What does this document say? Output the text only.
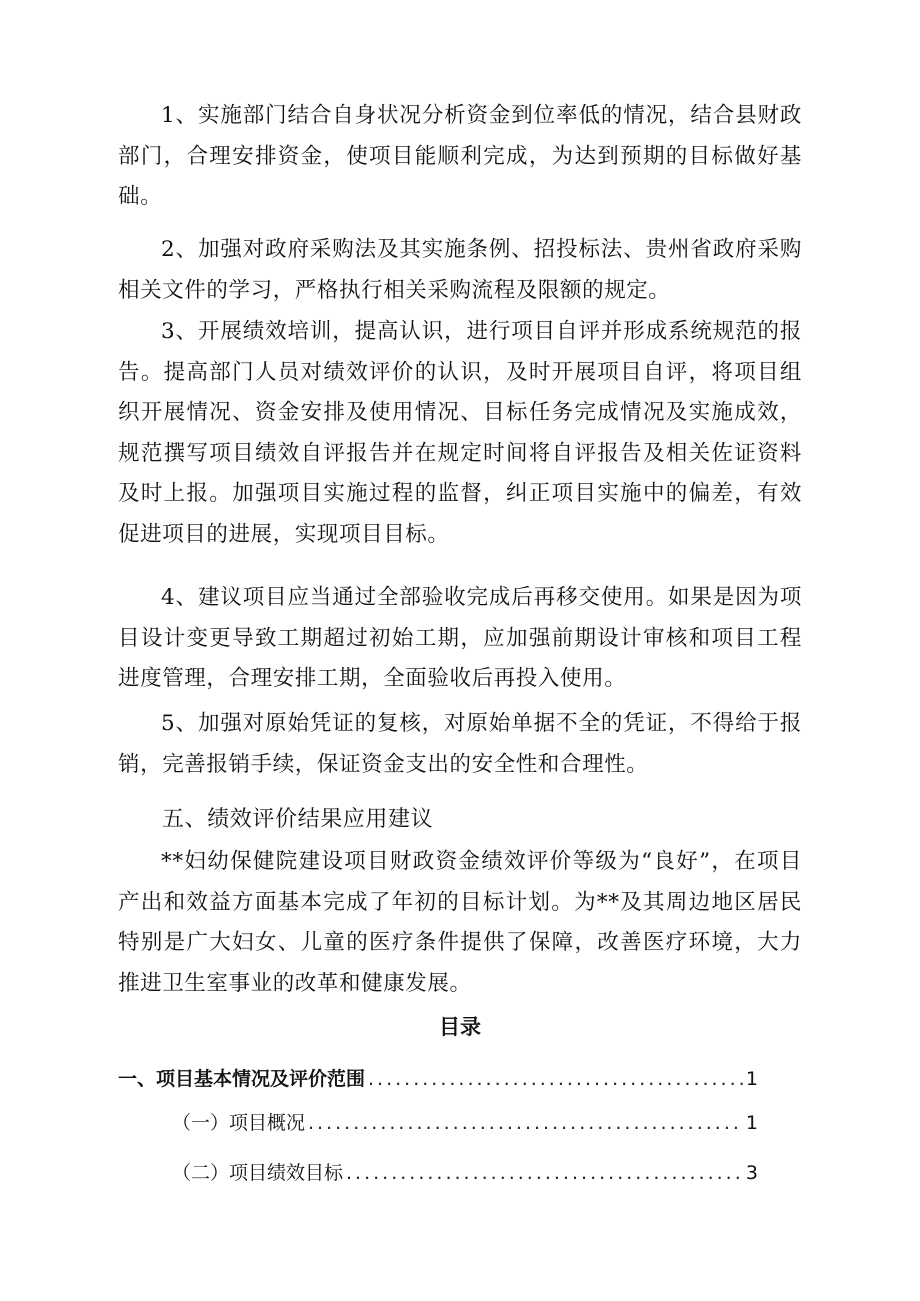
1、实施部门结合自身状况分析资金到位率低的情况，结合县财政部门，合理安排资金，使项目能顺利完成，为达到预期的目标做好基础。

2、加强对政府采购法及其实施条例、招投标法、贵州省政府采购相关文件的学习，严格执行相关采购流程及限额的规定。

3、开展绩效培训，提高认识，进行项目自评并形成系统规范的报告。提高部门人员对绩效评价的认识，及时开展项目自评，将项目组织开展情况、资金安排及使用情况、目标任务完成情况及实施成效，规范撰写项目绩效自评报告并在规定时间将自评报告及相关佐证资料及时上报。加强项目实施过程的监督，纠正项目实施中的偏差，有效促进项目的进展，实现项目目标。

4、建议项目应当通过全部验收完成后再移交使用。如果是因为项目设计变更导致工期超过初始工期，应加强前期设计审核和项目工程进度管理，合理安排工期，全面验收后再投入使用。

5、加强对原始凭证的复核，对原始单据不全的凭证，不得给于报销，完善报销手续，保证资金支出的安全性和合理性。

五、绩效评价结果应用建议

**妇幼保健院建设项目财政资金绩效评价等级为“良好”，在项目产出和效益方面基本完成了年初的目标计划。为**及其周边地区居民特别是广大妇女、儿童的医疗条件提供了保障，改善医疗环境，大力推进卫生室事业的改革和健康发展。

目录
一、项目基本情况及评价范围 .....	1
（一）项目概况 .....	1
（二）项目绩效目标 .....	3
